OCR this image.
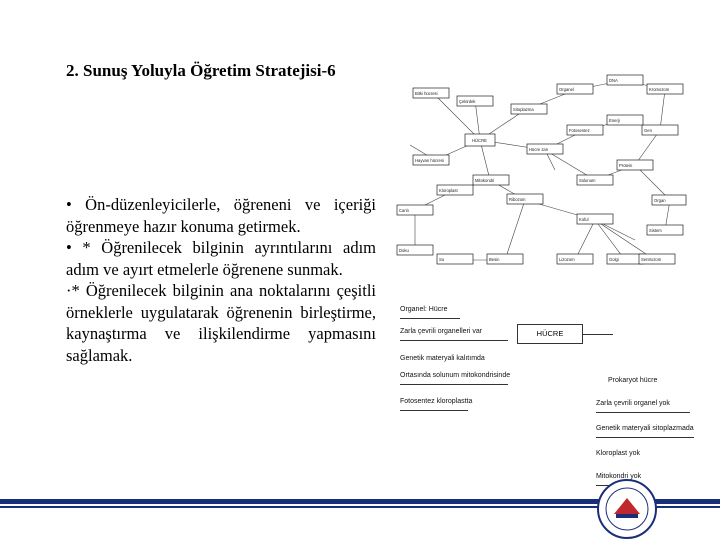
2. Sunuş Yoluyla Öğretim Stratejisi-6

• Ön-düzenleyicilerle, öğreneni ve içeriği öğrenmeye hazır konuma getirmek.

• * Öğrenilecek bilginin ayrıntılarını adım adım ve ayırt etmelerle öğrenene sunmak.

·* Öğrenilecek bilginin ana noktalarını çeşitli örneklerle uygulatarak öğrenenin birleştirme, kaynaştırma ve ilişkilendirme yapmasını sağlamak.

HÜCRE
Bitki hücresi
Hayvan hücresi
Çekirdek
Sitoplazma
Hücre zarı
Mitokondri
Kloroplast
Ribozom
Koful
Lizozom	Golgi	Sentrozom
Organel
DNA
Kromozom
Gen
Protein
Solunum
Fotosentez
Enerji
Besin
Su
Canlı
Doku
Organ
Sistem
Organel: Hücre
Zarla çevrili organelleri var
Genetik materyali kalıtımda
Ortasında solunum mitokondrisinde
Fotosentez kloroplastta
HÜCRE
Prokaryot hücre
Zarla çevrili organel yok
Genetik materyali sitoplazmada
Kloroplast yok
Mitokondri yok
